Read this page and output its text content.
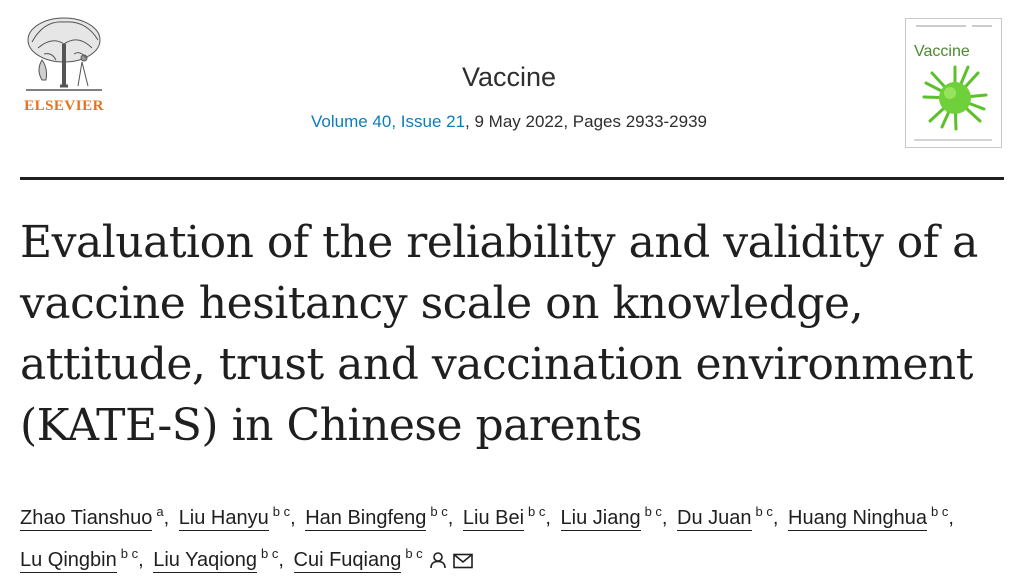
ELSEVIER
Vaccine
Volume 40, Issue 21, 9 May 2022, Pages 2933-2939
Vaccine
Evaluation of the reliability and validity of a vaccine hesitancy scale on knowledge, attitude, trust and vaccination environment (KATE-S) in Chinese parents
Zhao Tianshuo $^a$, Liu Hanyu $^{b c}$, Han Bingfeng $^{b c}$, Liu Bei $^{b c}$, Liu Jiang $^{b c}$, Du Juan $^{b c}$, Huang Ninghua $^{b c}$, Lu Qingbin $^{b c}$, Liu Yaqiong $^{b c}$, Cui Fuqiang $^{b c}$
